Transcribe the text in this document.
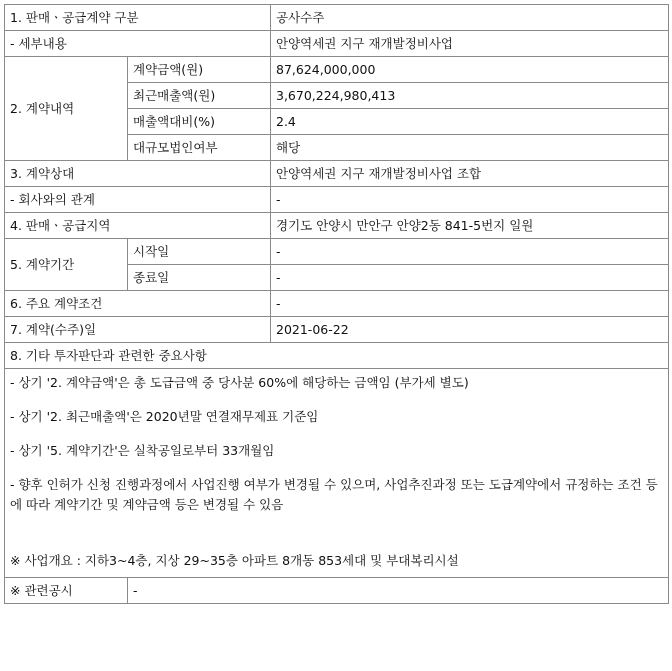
1. 판매ㆍ공급계약 구분		공사수주
- 세부내용		안양역세권 지구 재개발정비사업
2. 계약내역	계약금액(원)	87,624,000,000
	최근매출액(원)	3,670,224,980,413
	매출액대비(%)	2.4
	대규모법인여부	해당
3. 계약상대		안양역세권 지구 재개발정비사업 조합
- 회사와의 관계		-
4. 판매ㆍ공급지역		경기도 안양시 만안구 안양2동 841-5번지 일원
5. 계약기간	시작일	-
	종료일	-
6. 주요 계약조건		-
7. 계약(수주)일		2021-06-22
8. 기타 투자판단과 관련한 중요사항		

- 상기 '2. 계약금액'은 총 도급금액 중 당사분 60%에 해당하는 금액임 (부가세 별도)

- 상기 '2. 최근매출액'은 2020년말 연결재무제표 기준임

- 상기 '5. 계약기간'은 실착공일로부터 33개월임

- 향후 인허가 신청 진행과정에서 사업진행 여부가 변경될 수 있으며, 사업추진과정 또는 도급계약에서 규정하는 조건 등에 따라 계약기간 및 계약금액 등은 변경될 수 있음

※ 사업개요 : 지하3~4층, 지상 29~35층 아파트 8개동 853세대 및 부대복리시설		

※ 관련공시	-	
